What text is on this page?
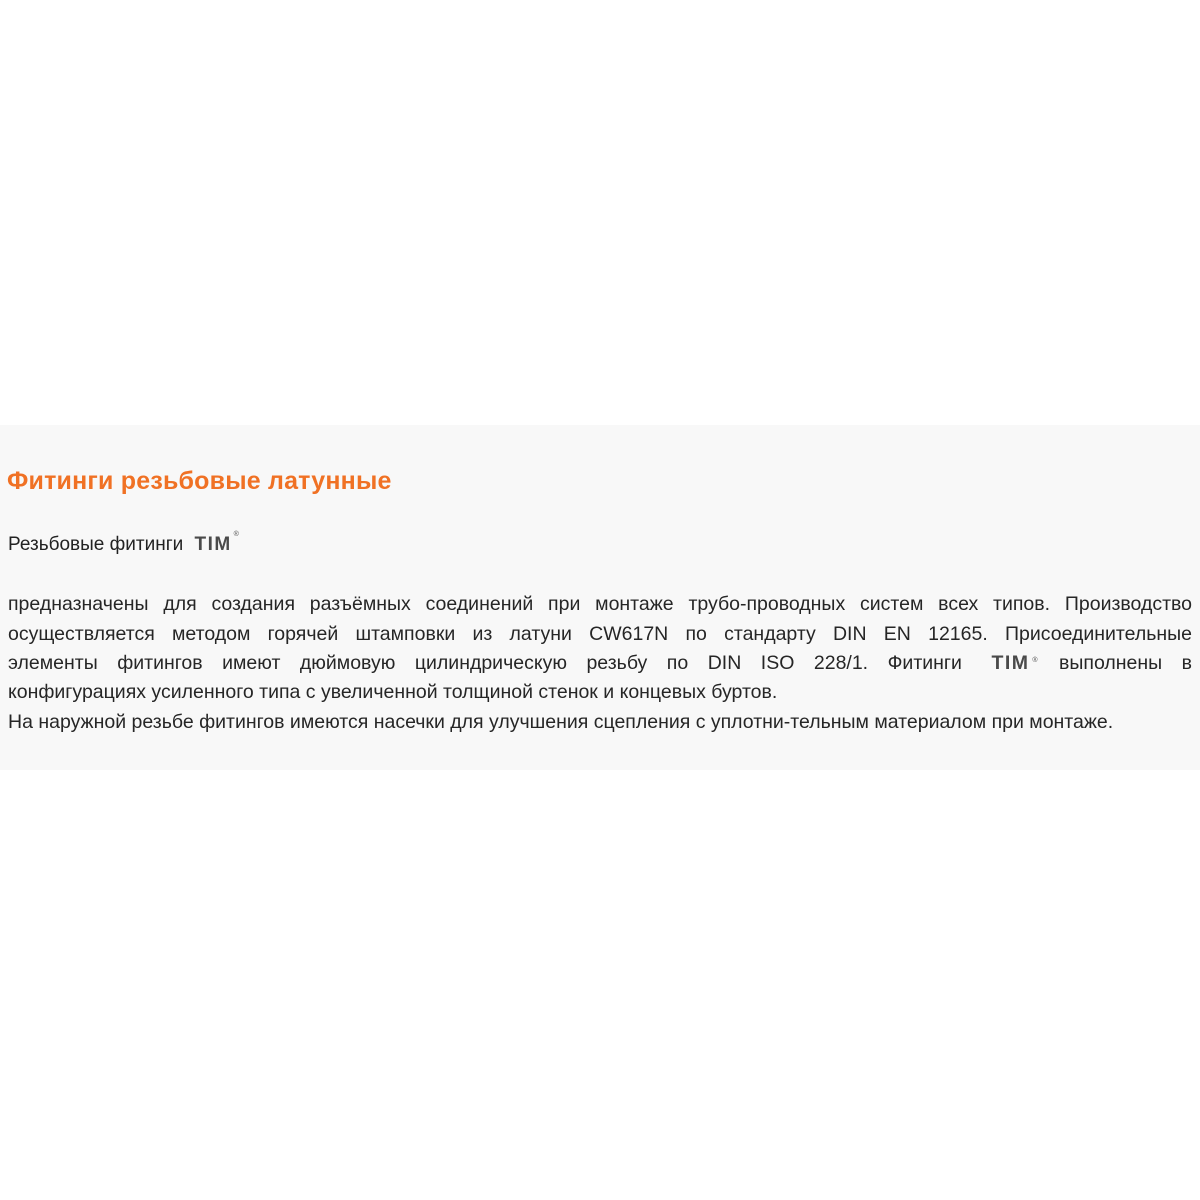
Фитинги резьбовые латунные
Резьбовые фитинги TIM ®
предназначены для создания разъёмных соединений при монтаже трубо-проводных систем всех типов. Производство
осуществляется методом горячей штамповки из латуни CW617N по стандарту DIN EN 12165. Присоединительные
элементы фитингов имеют дюймовую цилиндрическую резьбу по DIN ISO 228/1. Фитинги TIM ® выполнены в
конфигурациях усиленного типа с увеличенной толщиной стенок и концевых буртов.
На наружной резьбе фитингов имеются насечки для улучшения сцепления с уплотни-тельным материалом при монтаже.
